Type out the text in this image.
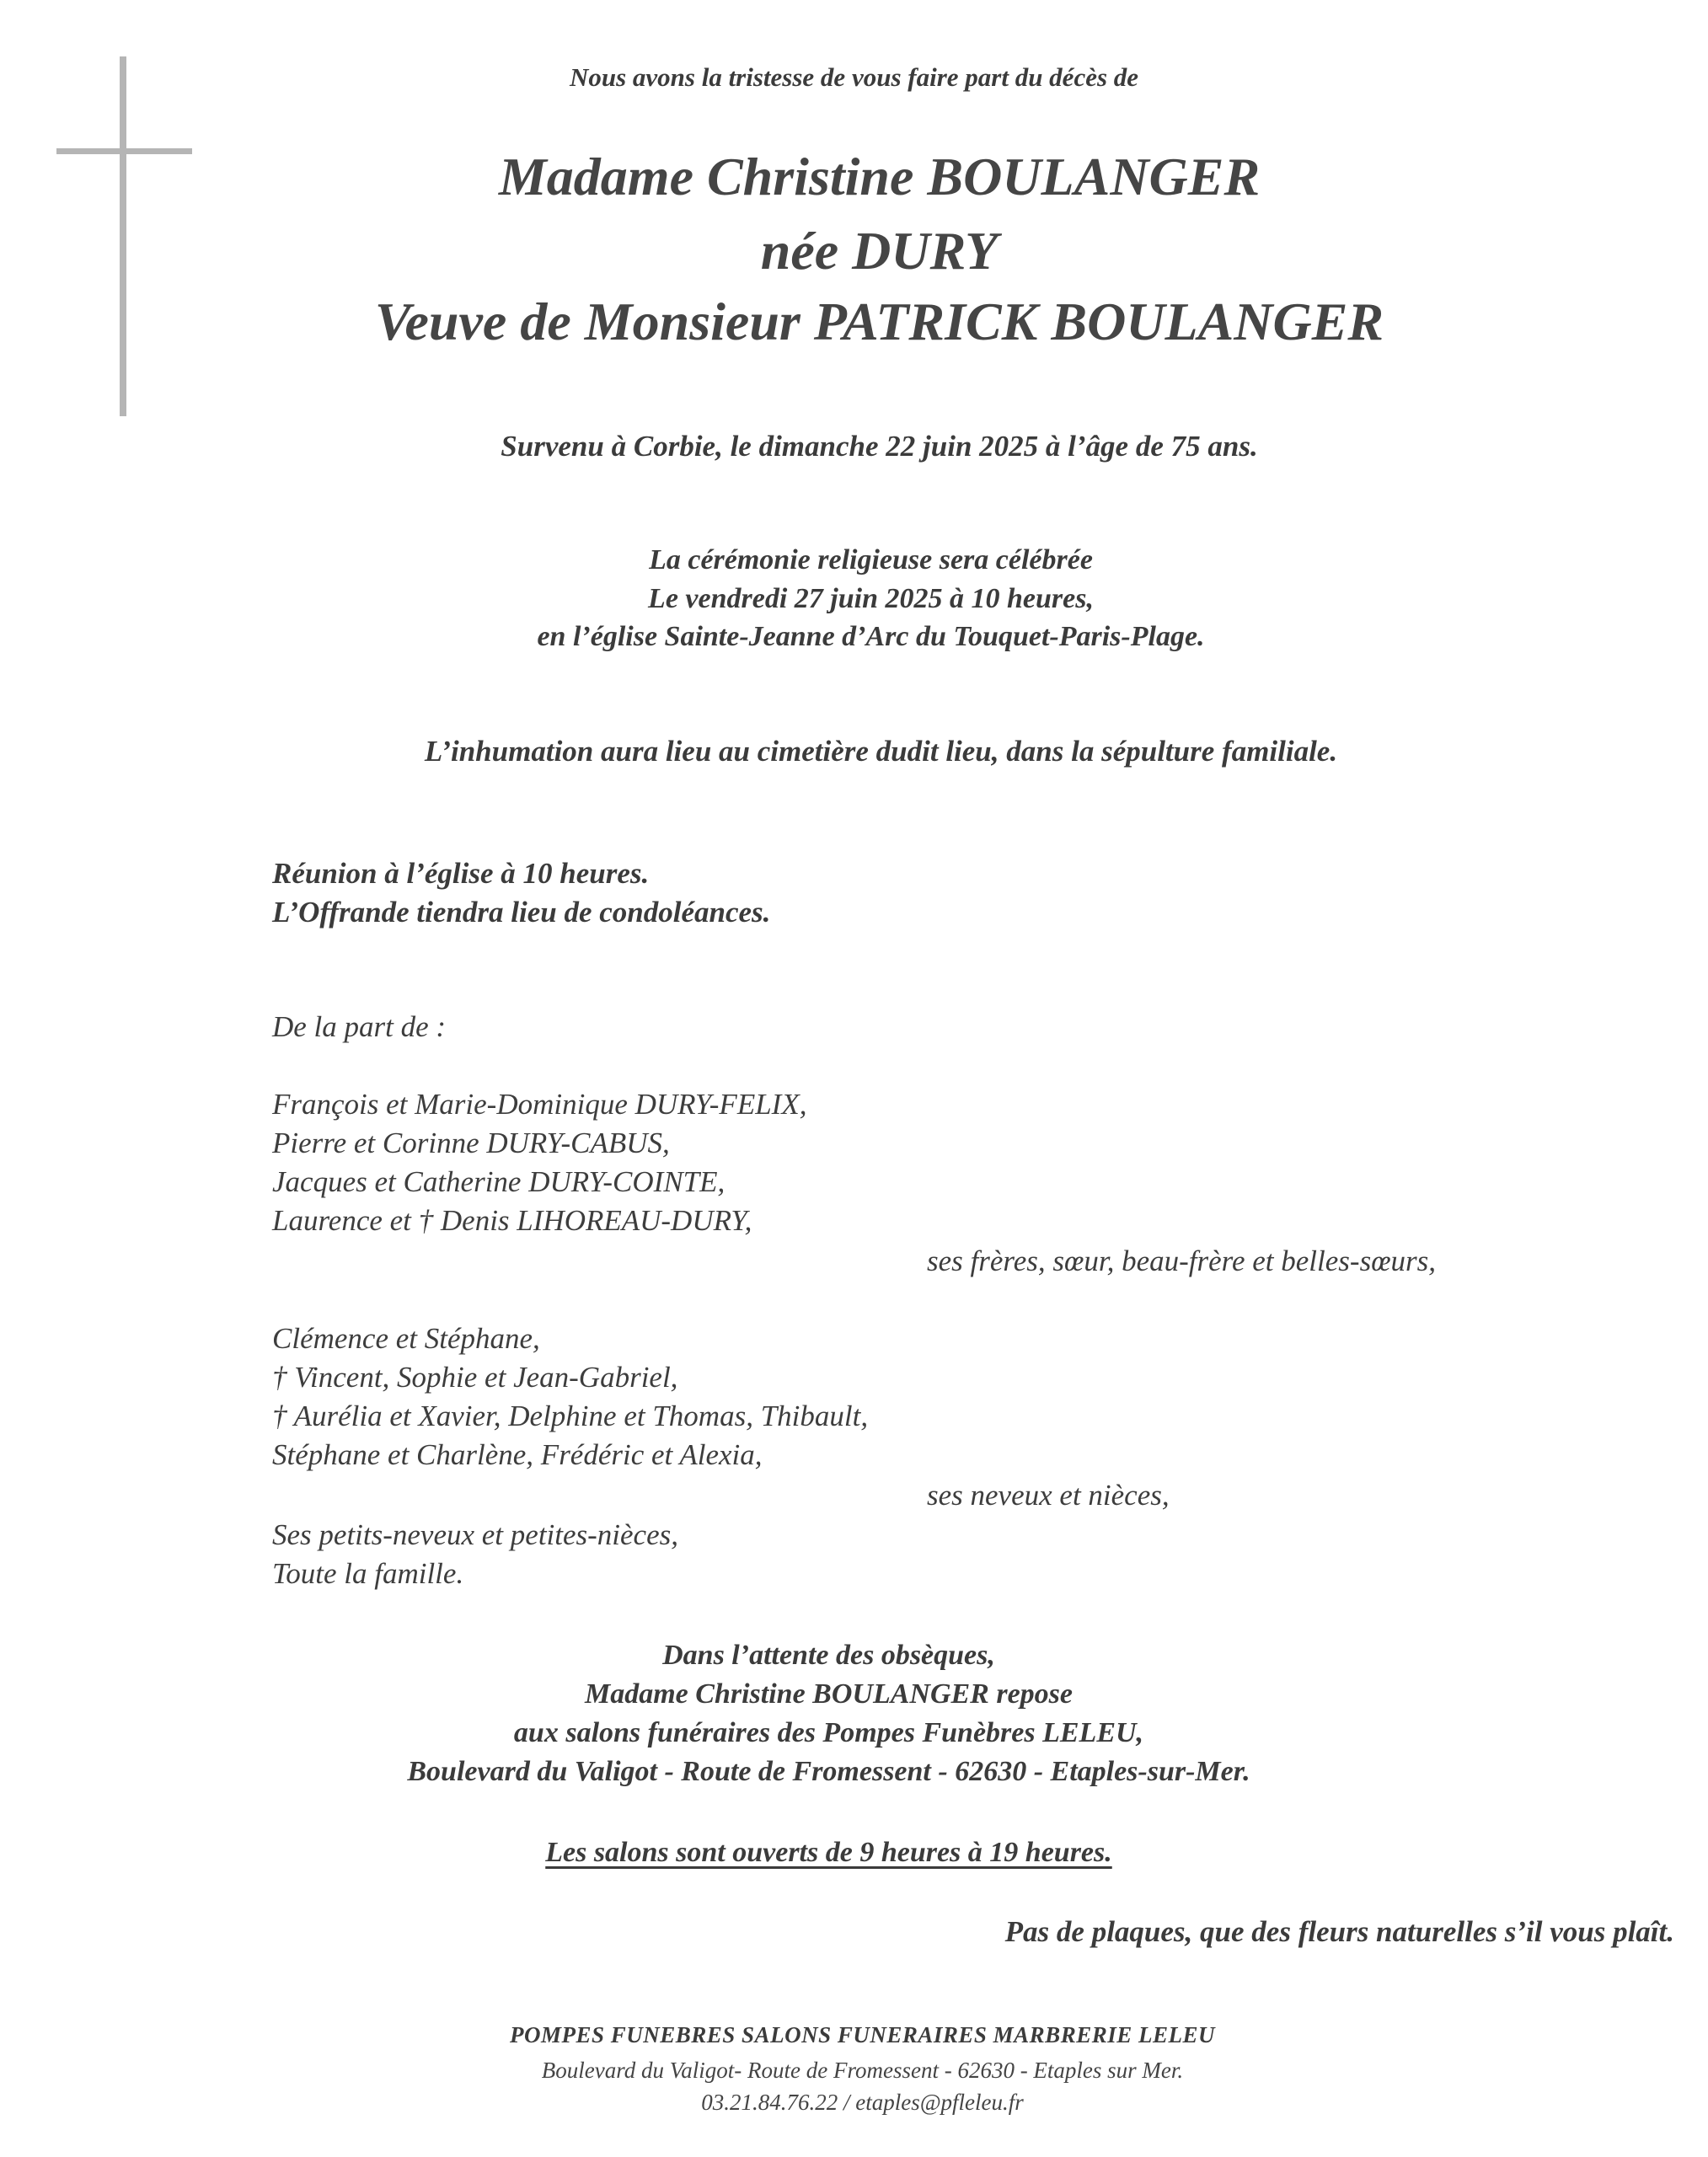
Nous avons la tristesse de vous faire part du décès de

Madame Christine BOULANGER

née DURY

Veuve de Monsieur PATRICK BOULANGER

Survenu à Corbie, le dimanche 22 juin 2025 à l’âge de 75 ans.

La cérémonie religieuse sera célébrée

Le vendredi 27 juin 2025 à 10 heures,

en l’église Sainte-Jeanne d’Arc du Touquet-Paris-Plage.

L’inhumation aura lieu au cimetière dudit lieu, dans la sépulture familiale.

Réunion à l’église à 10 heures.

L’Offrande tiendra lieu de condoléances.

De la part de :

François et Marie-Dominique DURY-FELIX,

Pierre et Corinne DURY-CABUS,

Jacques et Catherine DURY-COINTE,

Laurence et † Denis LIHOREAU-DURY,

ses frères, sœur, beau-frère et belles-sœurs,

Clémence et Stéphane,

† Vincent, Sophie et Jean-Gabriel,

† Aurélia et Xavier, Delphine et Thomas, Thibault,

Stéphane et Charlène, Frédéric et Alexia,

ses neveux et nièces,

Ses petits-neveux et petites-nièces,

Toute la famille.

Dans l’attente des obsèques,

Madame Christine BOULANGER repose

aux salons funéraires des Pompes Funèbres LELEU,

Boulevard du Valigot - Route de Fromessent - 62630 - Etaples-sur-Mer.

Les salons sont ouverts de 9 heures à 19 heures.

Pas de plaques, que des fleurs naturelles s’il vous plaît.

POMPES FUNEBRES SALONS FUNERAIRES MARBRERIE LELEU

Boulevard du Valigot- Route de Fromessent - 62630 - Etaples sur Mer.

03.21.84.76.22 / etaples@pfleleu.fr
